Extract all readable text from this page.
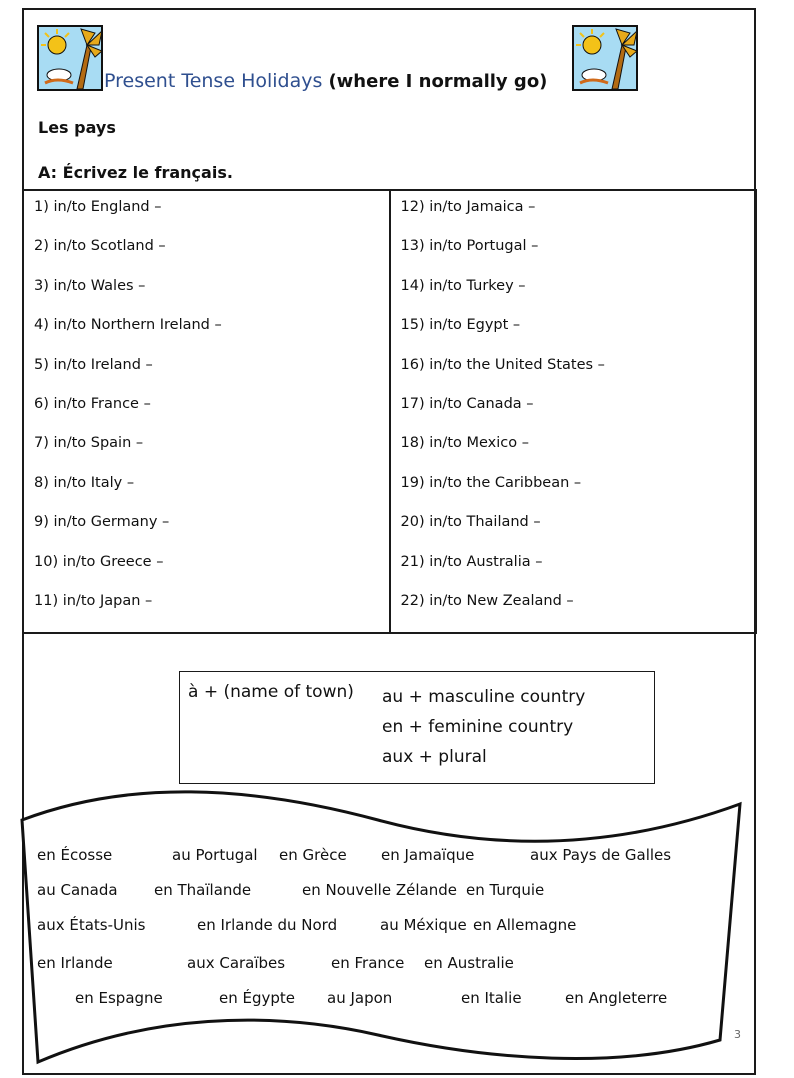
Present Tense Holidays (where I normally go)
Les pays
A: Écrivez le français.
1) in/to England –
2) in/to Scotland –
3) in/to Wales –
4) in/to Northern Ireland –
5) in/to Ireland –
6) in/to France –
7) in/to Spain –
8) in/to Italy –
9) in/to Germany –
10) in/to Greece –
11) in/to Japan –

12) in/to Jamaica –
13) in/to Portugal –
14) in/to Turkey –
15) in/to Egypt –
16) in/to the United States –
17) in/to Canada –
18) in/to Mexico –
19) in/to the Caribbean –
20) in/to Thailand –
21) in/to Australia –
22) in/to New Zealand –
à + (name of town) au + masculine country
en + feminine country
aux + plural
en Écosse	au Portugal en Grèce en Jamaïque	aux Pays de Galles
au Canada en Thaïlande	en Nouvelle Zélande en Turquie
aux États-Unis	en Irlande du Nord	au Méxique en Allemagne
en Irlande	aux Caraïbes	en France en Australie
en Espagne	en Égypte au Japon	en Italie	en Angleterre
3
